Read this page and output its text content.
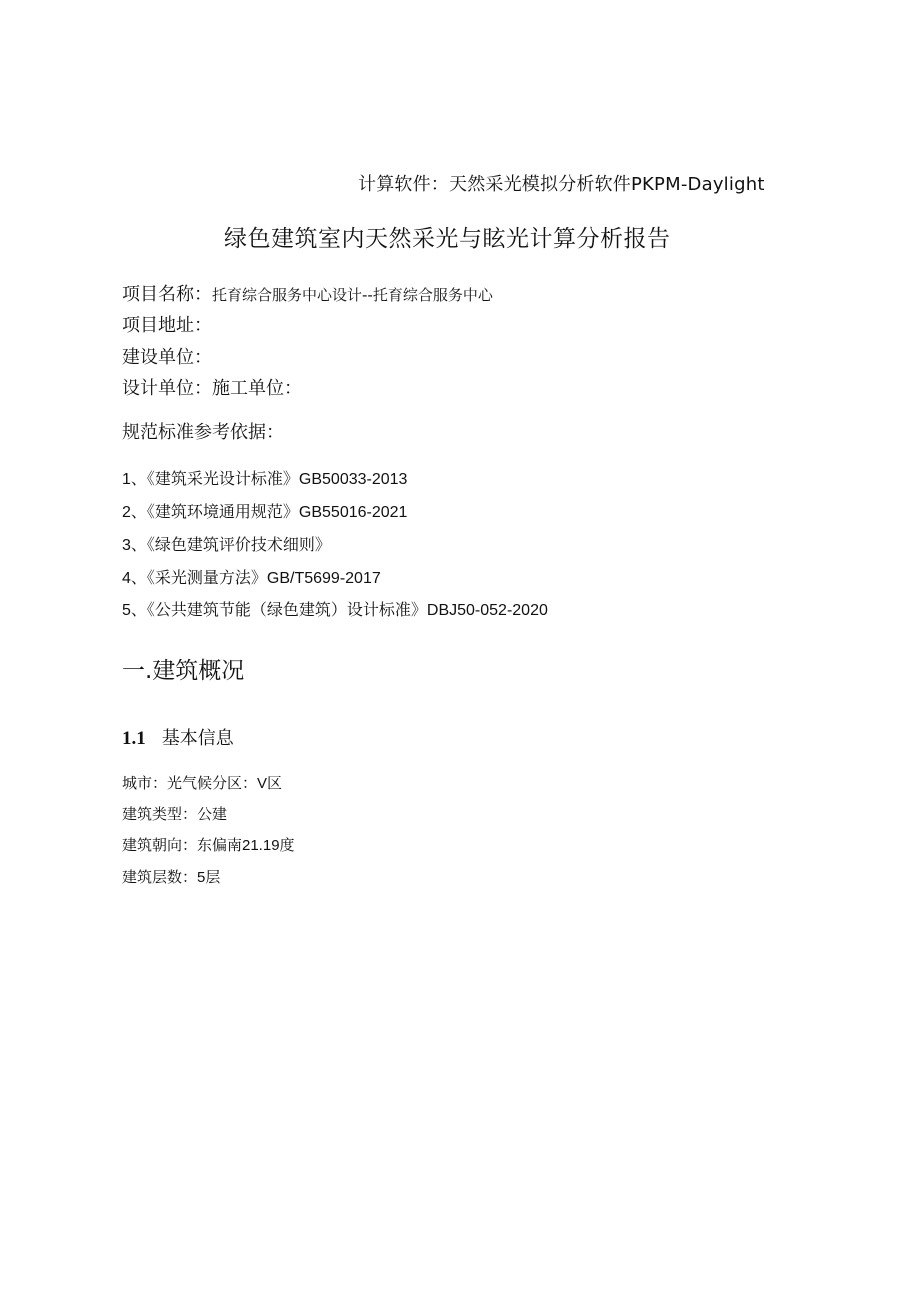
计算软件：天然采光模拟分析软件PKPM-Daylight
绿色建筑室内天然采光与眩光计算分析报告
项目名称：托育综合服务中心设计--托育综合服务中心
项目地址：
建设单位：
设计单位：施工单位：
规范标准参考依据：
1、《建筑采光设计标准》GB50033-2013
2、《建筑环境通用规范》GB55016-2021
3、《绿色建筑评价技术细则》
4、《采光测量方法》GB/T5699-2017
5、《公共建筑节能（绿色建筑）设计标准》DBJ50-052-2020
一.建筑概况
1.1 基本信息
城市：光气候分区：V区
建筑类型：公建
建筑朝向：东偏南21.19度
建筑层数：5层
